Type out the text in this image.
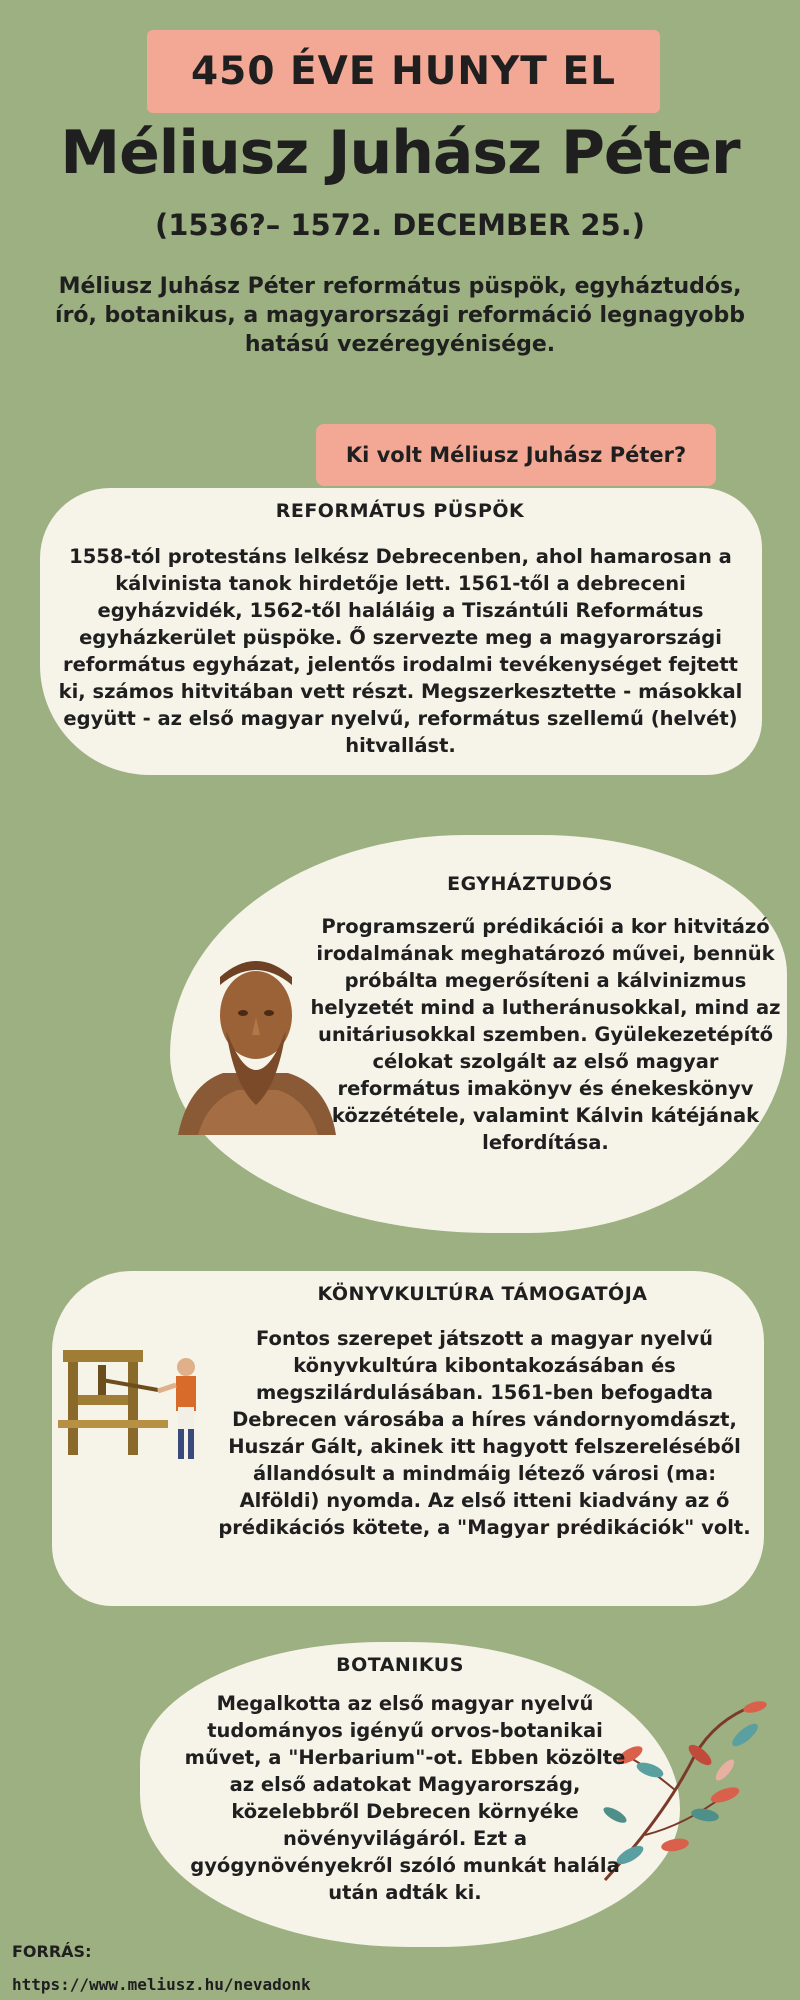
450 ÉVE HUNYT EL
Méliusz Juhász Péter
(1536?– 1572. DECEMBER 25.)
Méliusz Juhász Péter református püspök, egyháztudós, író, botanikus, a magyarországi reformáció legnagyobb hatású vezéregyénisége.
Ki volt Méliusz Juhász Péter?
REFORMÁTUS PÜSPÖK
1558-tól protestáns lelkész Debrecenben, ahol hamarosan a kálvinista tanok hirdetője lett. 1561-től a debreceni egyházvidék, 1562-től haláláig a Tiszántúli Református egyházkerület püspöke. Ő szervezte meg a magyarországi református egyházat, jelentős irodalmi tevékenységet fejtett ki, számos hitvitában vett részt. Megszerkesztette - másokkal együtt - az első magyar nyelvű, református szellemű (helvét) hitvallást.
EGYHÁZTUDÓS
Programszerű prédikációi a kor hitvitázó irodalmának meghatározó művei, bennük próbálta megerősíteni a kálvinizmus helyzetét mind a lutheránusokkal, mind az unitáriusokkal szemben. Gyülekezetépítő célokat szolgált az első magyar református imakönyv és énekeskönyv közzététele, valamint Kálvin kátéjának lefordítása.
KÖNYVKULTÚRA TÁMOGATÓJA
Fontos szerepet játszott a magyar nyelvű könyvkultúra kibontakozásában és megszilárdulásában. 1561-ben befogadta Debrecen városába a híres vándornyomdászt, Huszár Gált, akinek itt hagyott felszereléséből állandósult a mindmáig létező városi (ma: Alföldi) nyomda. Az első itteni kiadvány az ő prédikációs kötete, a "Magyar prédikációk" volt.
BOTANIKUS
Megalkotta az első magyar nyelvű tudományos igényű orvos-botanikai művet, a "Herbarium"-ot. Ebben közölte az első adatokat Magyarország, közelebbről Debrecen környéke növényvilágáról. Ezt a gyógynövényekről szóló munkát halála után adták ki.
FORRÁS:
https://www.meliusz.hu/nevadonk
